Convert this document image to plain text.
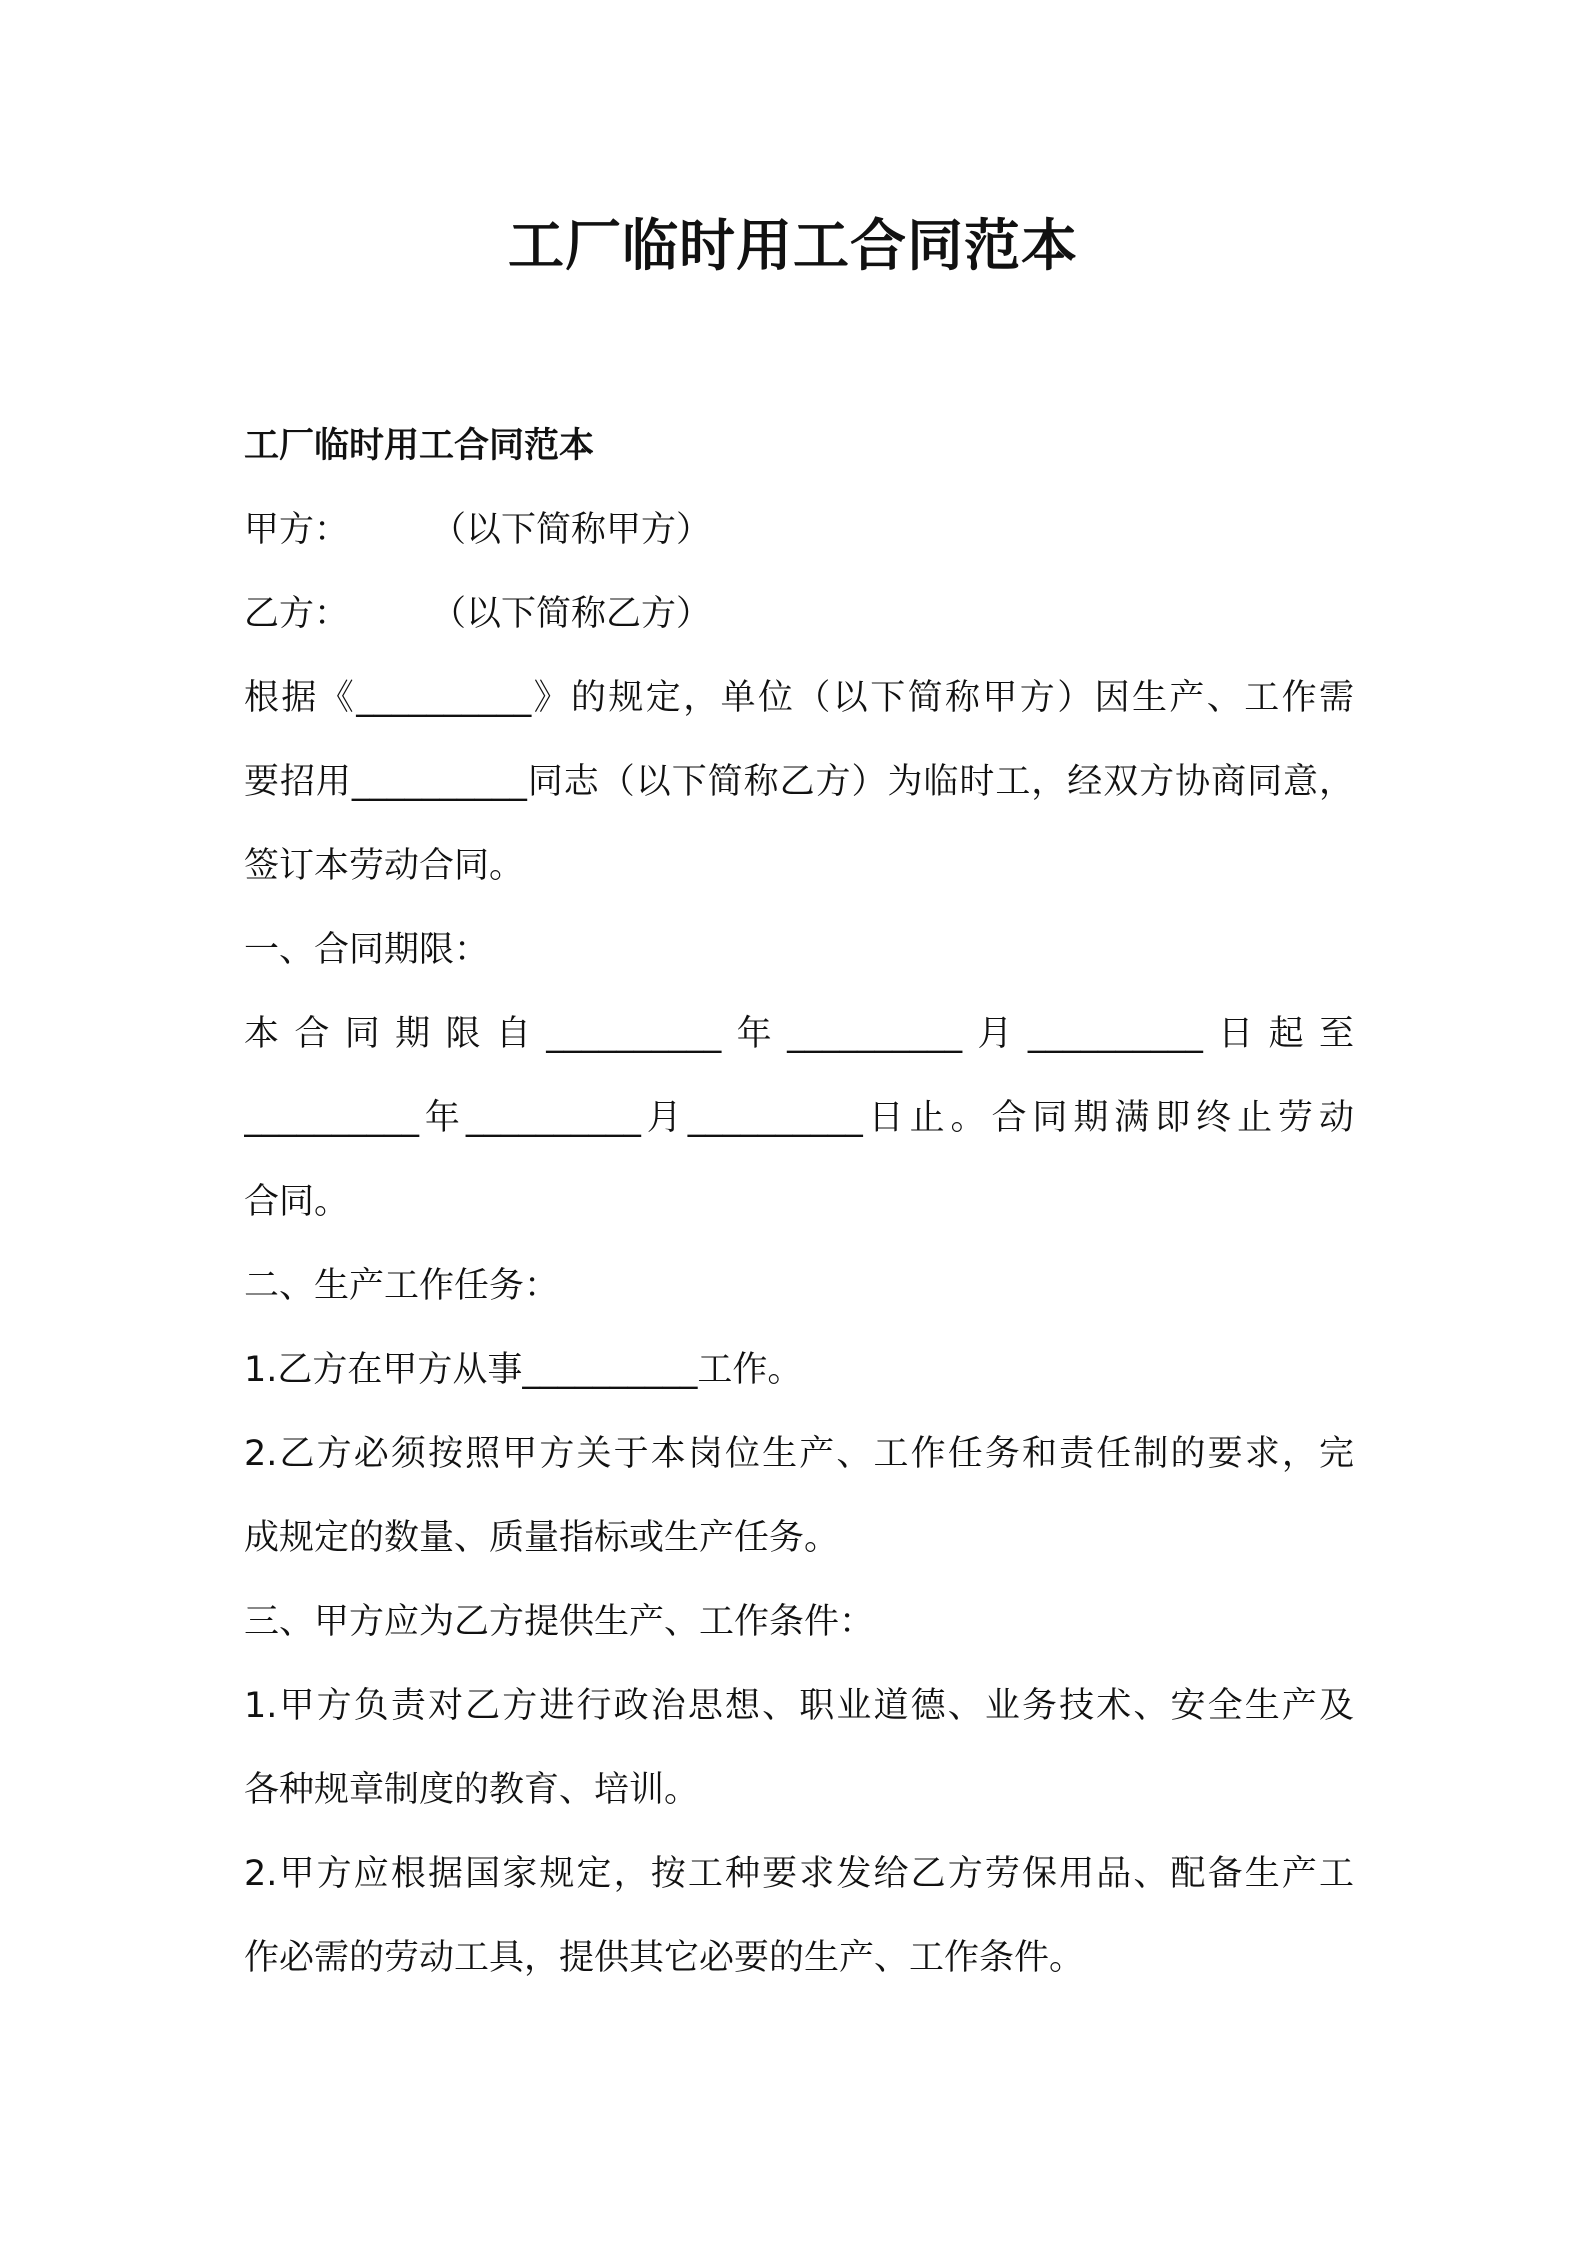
工厂临时用工合同范本
工厂临时用工合同范本
甲方： （以下简称甲方）
乙方： （以下简称乙方）
根据《__________》的规定，单位（以下简称甲方）因生产、工作需
要招用__________同志（以下简称乙方）为临时工，经双方协商同意，
签订本劳动合同。
一、合同期限：
本合同期限自__________年__________月__________日起至
__________年__________月__________日止。合同期满即终止劳动
合同。
二、生产工作任务：
1.乙方在甲方从事__________工作。
2.乙方必须按照甲方关于本岗位生产、工作任务和责任制的要求，完
成规定的数量、质量指标或生产任务。
三、甲方应为乙方提供生产、工作条件：
1.甲方负责对乙方进行政治思想、职业道德、业务技术、安全生产及
各种规章制度的教育、培训。
2.甲方应根据国家规定，按工种要求发给乙方劳保用品、配备生产工
作必需的劳动工具，提供其它必要的生产、工作条件。
